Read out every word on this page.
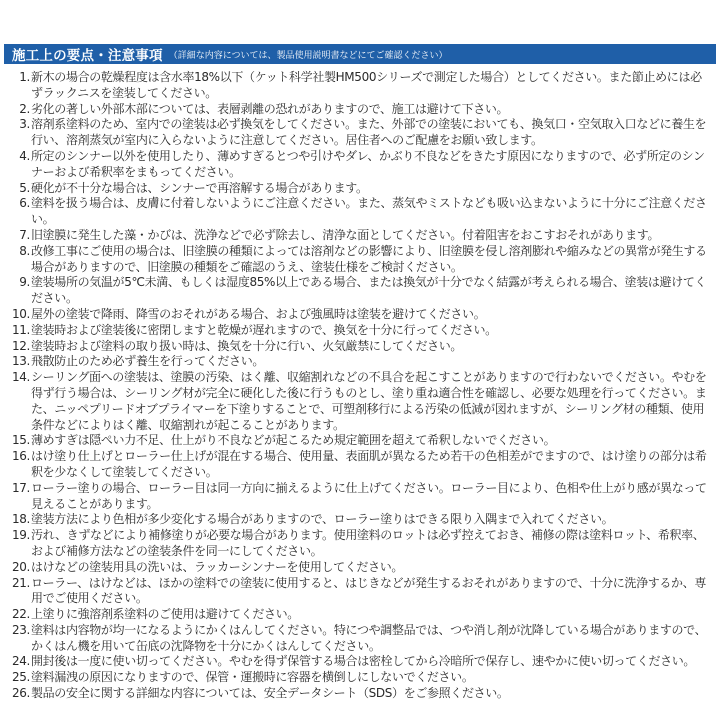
施工上の要点・注意事項 （詳細な内容については、製品使用説明書などにてご確認ください）
1. 新木の場合の乾燥程度は含水率18%以下（ケット科学社製HM500シリーズで測定した場合）としてください。また節止めには必ずラックニスを塗装してください。
2. 劣化の著しい外部木部については、表層剥離の恐れがありますので、施工は避けて下さい。
3. 溶剤系塗料のため、室内での塗装は必ず換気をしてください。また、外部での塗装においても、換気口・空気取入口などに養生を行い、溶剤蒸気が室内に入らないように注意してください。居住者へのご配慮をお願い致します。
4. 所定のシンナー以外を使用したり、薄めすぎるとつや引けやダレ、かぶり不良などをきたす原因になりますので、必ず所定のシンナーおよび希釈率をまもってください。
5. 硬化が不十分な場合は、シンナーで再溶解する場合があります。
6. 塗料を扱う場合は、皮膚に付着しないようにご注意ください。また、蒸気やミストなども吸い込まないように十分にご注意ください。
7. 旧塗膜に発生した藻・かびは、洗浄などで必ず除去し、清浄な面としてください。付着阻害をおこすおそれがあります。
8. 改修工事にご使用の場合は、旧塗膜の種類によっては溶剤などの影響により、旧塗膜を侵し溶剤膨れや縮みなどの異常が発生する場合がありますので、旧塗膜の種類をご確認のうえ、塗装仕様をご検討ください。
9. 塗装場所の気温が5℃未満、もしくは湿度85%以上である場合、または換気が十分でなく結露が考えられる場合、塗装は避けてください。
10. 屋外の塗装で降雨、降雪のおそれがある場合、および強風時は塗装を避けてください。
11. 塗装時および塗装後に密閉しますと乾燥が遅れますので、換気を十分に行ってください。
12. 塗装時および塗料の取り扱い時は、換気を十分に行い、火気厳禁にしてください。
13. 飛散防止のため必ず養生を行ってください。
14. シーリング面への塗装は、塗膜の汚染、はく離、収縮割れなどの不具合を起こすことがありますので行わないでください。やむを得ず行う場合は、シーリング材が完全に硬化した後に行うものとし、塗り重ね適合性を確認し、必要な処理を行ってください。また、ニッペプリードオブプライマーを下塗りすることで、可塑剤移行による汚染の低減が図れますが、シーリング材の種類、使用条件などによりはく離、収縮割れが起こることがあります。
15. 薄めすぎは隠ぺい力不足、仕上がり不良などが起こるため規定範囲を超えて希釈しないでください。
16. はけ塗り仕上げとローラー仕上げが混在する場合、使用量、表面肌が異なるため若干の色相差がでますので、はけ塗りの部分は希釈を少なくして塗装してください。
17. ローラー塗りの場合、ローラー目は同一方向に揃えるように仕上げてください。ローラー目により、色相や仕上がり感が異なって見えることがあります。
18. 塗装方法により色相が多少変化する場合がありますので、ローラー塗りはできる限り入隅まで入れてください。
19. 汚れ、きずなどにより補修塗りが必要な場合があります。使用塗料のロットは必ず控えておき、補修の際は塗料ロット、希釈率、および補修方法などの塗装条件を同一にしてください。
20. はけなどの塗装用具の洗いは、ラッカーシンナーを使用してください。
21. ローラー、はけなどは、ほかの塗料での塗装に使用すると、はじきなどが発生するおそれがありますので、十分に洗浄するか、専用でご使用ください。
22. 上塗りに強溶剤系塗料のご使用は避けてください。
23. 塗料は内容物が均一になるようにかくはんしてください。特につや調整品では、つや消し剤が沈降している場合がありますので、かくはん機を用いて缶底の沈降物を十分にかくはんしてください。
24. 開封後は一度に使い切ってください。やむを得ず保管する場合は密栓してから冷暗所で保存し、速やかに使い切ってください。
25. 塗料漏洩の原因になりますので、保管・運搬時に容器を横倒しにしないでください。
26. 製品の安全に関する詳細な内容については、安全データシート（SDS）をご参照ください。
